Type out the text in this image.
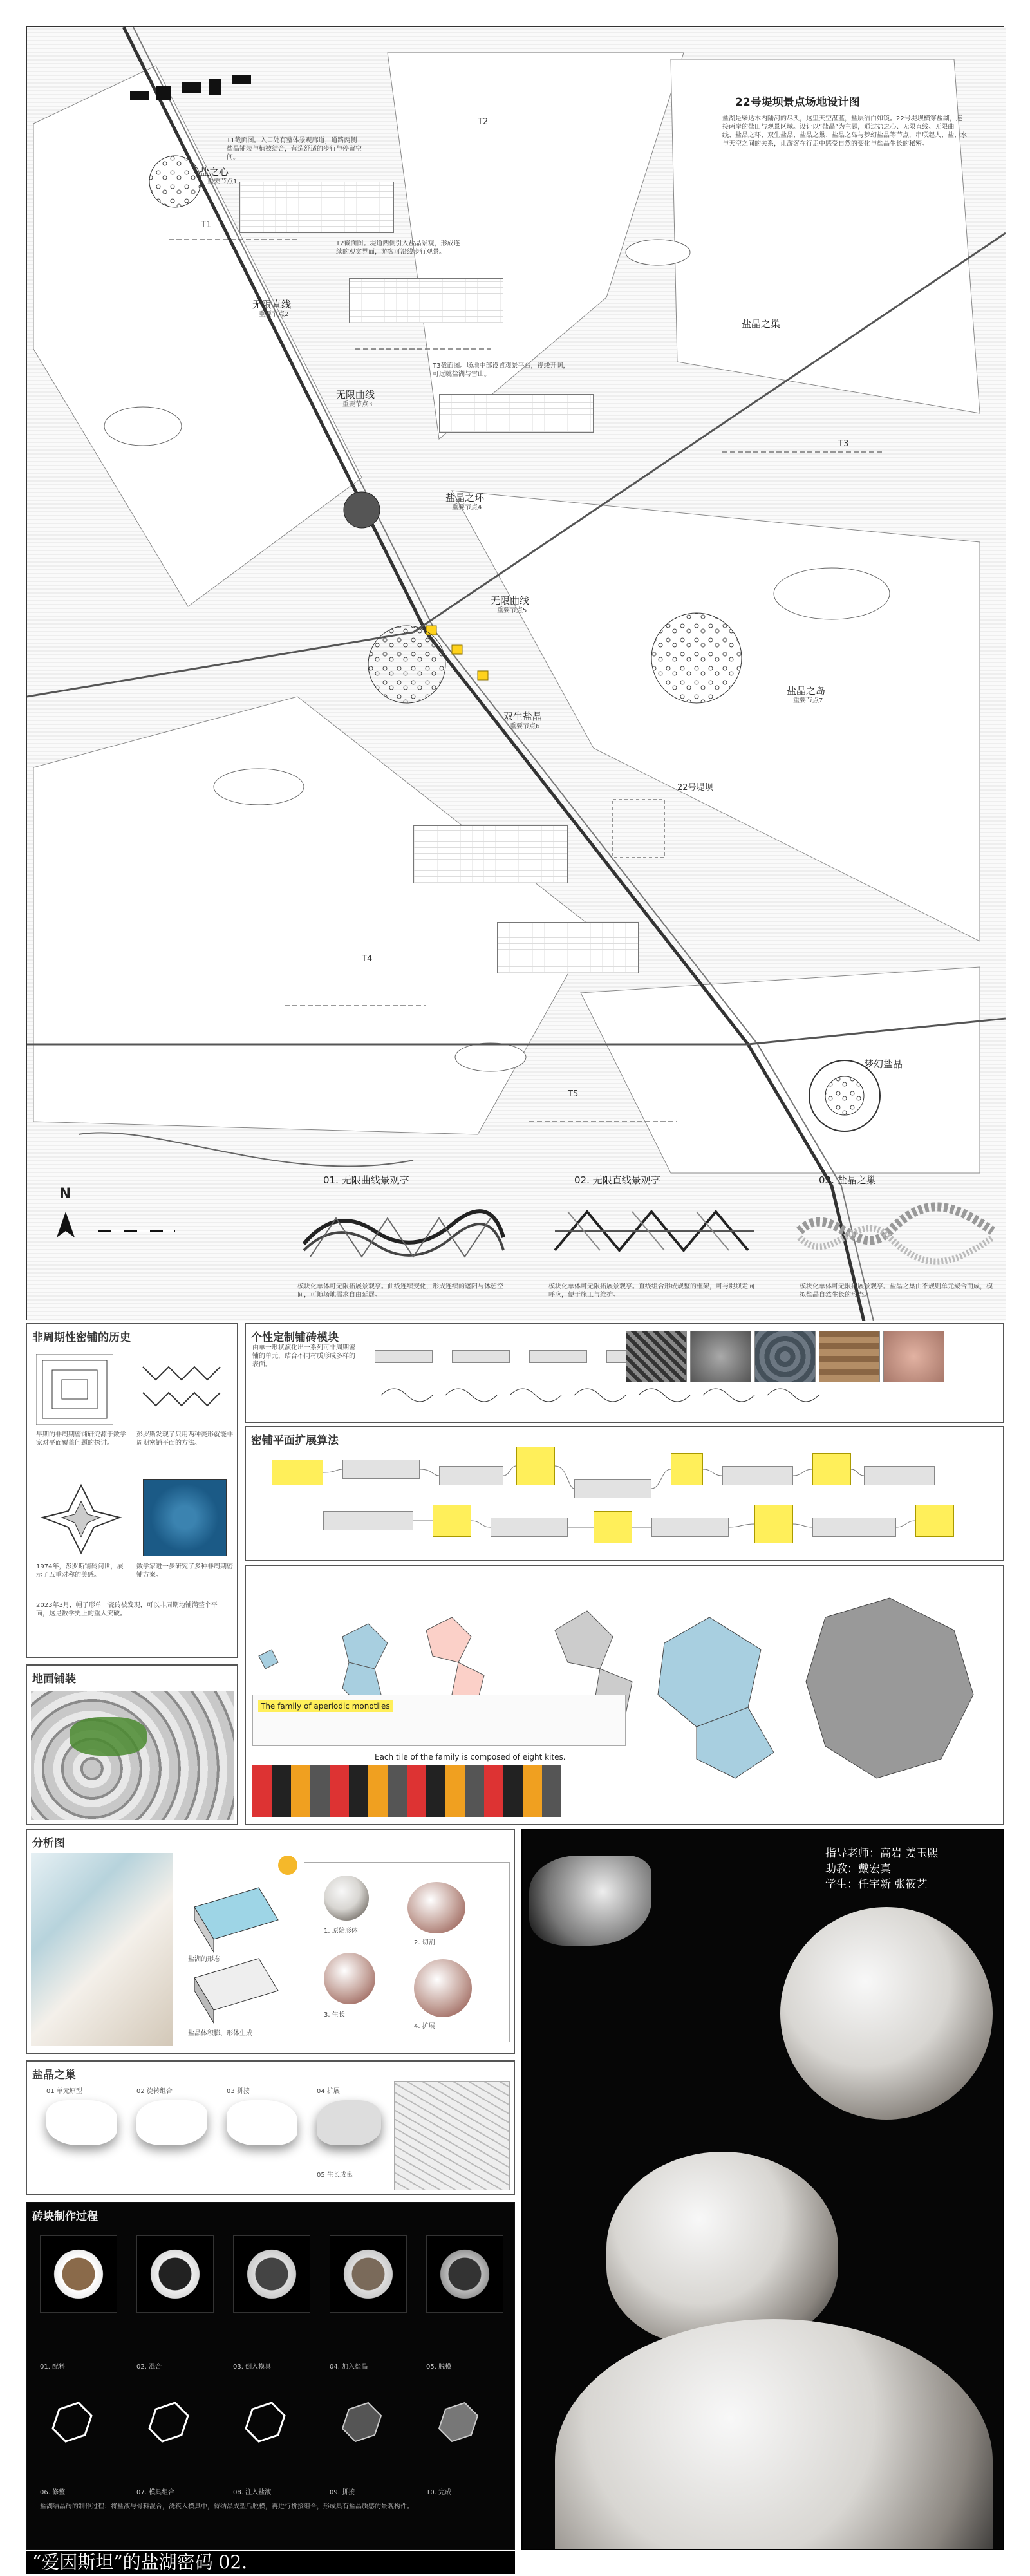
22号堤坝景点场地设计图
盐湖是柴达木内陆河的尽头，这里天空湛蓝，盐层洁白如镜。22号堤坝横穿盐湖，连接两岸的盐田与观景区域。设计以“盐晶”为主题，通过盐之心、无限直线、无限曲线、盐晶之环、双生盐晶、盐晶之巢、盐晶之岛与梦幻盐晶等节点，串联起人、盐、水与天空之间的关系，让游客在行走中感受自然的变化与盐晶生长的秘密。
盐之心
重要节点1
无限直线
重要节点2
无限曲线
重要节点3
盐晶之环
重要节点4
无限曲线
重要节点5
双生盐晶
重要节点6
盐晶之巢
盐晶之岛
重要节点7
梦幻盐晶
T1
T2
T3
T4
T5
T1截面图。入口处有整体景观廊道，道路两侧盐晶铺装与植被结合，营造舒适的步行与停留空间。
T2截面图。堤道两侧引入盐晶景观，形成连续的观赏界面，游客可沿线步行观景。
T3截面图。场地中部设置观景平台，视线开阔，可远眺盐湖与雪山。
22号堤坝
N
01. 无限曲线景观亭	02. 无限直线景观亭	03. 盐晶之巢
模块化单体可无限拓展景观亭。曲线连续变化，形成连续的遮阳与休憩空间，可随场地需求自由延展。
模块化单体可无限拓展景观亭。直线组合形成规整的框架，可与堤坝走向呼应，便于施工与维护。
模块化单体可无限拓展景观亭。盐晶之巢由不规则单元聚合而成，模拟盐晶自然生长的形态。
非周期性密铺的历史
早期的非周期密铺研究源于数学家对平面覆盖问题的探讨。
彭罗斯发现了只用两种菱形就能非周期密铺平面的方法。
1974年，彭罗斯铺砖问世，展示了五重对称的美感。
数学家进一步研究了多种非周期密铺方案。
2023年3月，帽子形单一瓷砖被发现，可以非周期地铺满整个平面，这是数学史上的重大突破。
地面铺装
个性定制铺砖模块
由单一形状演化出一系列可非周期密铺的单元，结合不同材质形成多样的表面。
密铺平面扩展算法
The family of aperiodic monotiles
Each tile of the family is composed of eight kites.
分析图
盐湖的形态
盐晶体积膨、形体生成
1. 原始形体
2. 切割
3. 生长
4. 扩展
盐晶之巢
01 单元原型	02 旋转组合	03 拼接	04 扩展
05 生长成巢
砖块制作过程
01. 配料	02. 混合	03. 倒入模具	04. 加入盐晶	05. 脱模
06. 修整	07. 模具组合	08. 注入盐液	09. 拼接	10. 完成
盐湖结晶砖的制作过程：将盐液与骨料混合，浇筑入模具中，待结晶成型后脱模，再进行拼接组合，形成具有盐晶质感的景观构件。
指导老师：高岩 姜玉熙
助教：戴宏真
学生：任宇新 张筱艺
“爱因斯坦”的盐湖密码 02.
